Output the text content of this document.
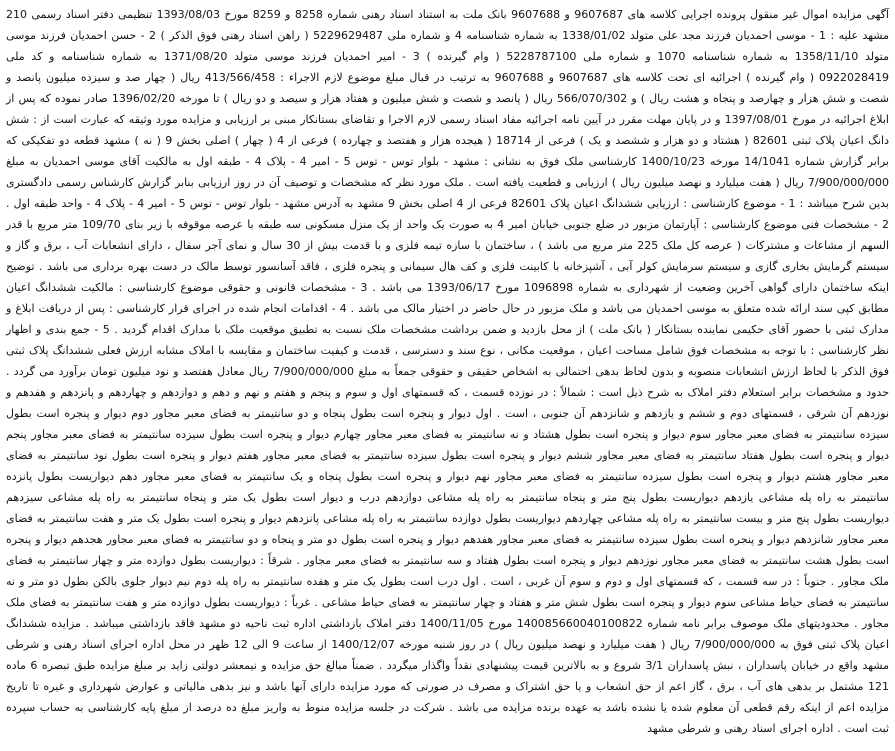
آگهی مزایده اموال غیر منقول پرونده اجرایی کلاسه های 9607687 و 9607688 بانک ملت به استناد اسناد رهنی شماره 8258 و 8259 مورخ 1393/08/03 تنظیمی دفتر اسناد رسمی 210 مشهد علیه : 1 - موسی احمدیان فرزند مجد علی متولد 1338/01/02 به شماره شناسنامه 4 و شماره ملی 5229629487 ( راهن اسناد رهنی فوق الذکر ) 2 - حسن احمدیان فرزند موسی متولد 1358/11/10 به شماره شناسنامه 1070 و شماره ملی 5228787100 ( وام گیرنده ) 3 - امیر احمدیان فرزند موسی متولد 1371/08/20 به شماره شناسنامه و کد ملی 0922028419 ( وام گیرنده ) اجرائیه ای تحت کلاسه های 9607687 و 9607688 به ترتیب در قبال مبلغ موضوع لازم الاجراء : 413/566/458 ریال ( چهار صد و سیزده میلیون پانصد و شصت و شش هزار و چهارصد و پنجاه و هشت ریال ) و 566/070/302 ریال ( پانصد و شصت و شش میلیون و هفتاد هزار و سیصد و دو ریال ) تا مورخه 1396/02/20 صادر نموده که پس از ابلاغ اجرائیه در مورخ 1397/08/01 و در پایان مهلت مقرر در آیین نامه اجرائیه مفاد اسناد رسمی لازم الاجرا و تقاضای بستانکار مبنی بر ارزیابی و مزایده مورد وثیقه که عبارت است از : شش دانگ اعیان پلاک ثبتی 82601 ( هشتاد و دو هزار و ششصد و یک ) فرعی از 18714 ( هیجده هزار و هفتصد و چهارده ) فرعی از 4 ( چهار ) اصلی بخش 9 ( نه ) مشهد قطعه دو تفکیکی که برابر گزارش شماره 14/1041 مورخه 1400/10/23 کارشناسی ملک فوق به نشانی : مشهد - بلوار توس - توس 5 - امیر 4 - پلاک 4 - طبقه اول به مالکیت آقای موسی احمدیان به مبلغ 7/900/000/000 ریال ( هفت میلیارد و نهصد میلیون ریال ) ارزیابی و قطعیت یافته است . ملک مورد نظر که مشخصات و توصیف آن در روز ارزیابی بنابر گزارش کارشناس رسمی دادگستری بدین شرح میباشد : 1 - موضوع کارشناسی : ارزیابی ششدانگ اعیان پلاک 82601 فرعی از 4 اصلی بخش 9 مشهد به آدرس مشهد - بلوار توس - توس 5 - امیر 4 - پلاک 4 - واحد طبقه اول . 2 - مشخصات فنی موضوع کارشناسی : آپارتمان مزبور در ضلع جنوبی خیابان امیر 4 به صورت یک واحد از یک منزل مسکونی سه طبقه با عرصه موقوفه با زیر بنای 109/70 متر مربع با قدر السهم از مشاعات و مشترکات ( عرصه کل ملک 225 متر مربع می باشد ) ، ساختمان با سازه تیمه فلزی و با قدمت بیش از 30 سال و نمای آجر سفال ، دارای انشعابات آب ، برق و گاز و سیستم گرمایش بخاری گازی و سیستم سرمایش کولر آبی ، آشپزخانه با کابینت فلزی و کف هال سیمانی و پنجره فلزی ، فاقد آسانسور توسط مالک در دست بهره برداری می باشد . توضیح اینکه ساختمان دارای گواهی آخرین وضعیت از شهرداری به شماره 1096898 مورخ 1393/06/17 می باشد . 3 - مشخصات قانونی و حقوقی موضوع کارشناسی : مالکیت ششدانگ اعیان مطابق کپی سند ارائه شده متعلق به موسی احمدیان می باشد و ملک مزبور در حال حاضر در اختیار مالک می باشد . 4 - اقدامات انجام شده در اجرای قرار کارشناسی : پس از دریافت ابلاغ و مدارک ثبتی با حضور آقای حکیمی نماینده بستانکار ( بانک ملت ) از محل بازدید و ضمن برداشت مشخصات ملک نسبت به تطبیق موقعیت ملک با مدارک اقدام گردید . 5 - جمع بندی و اظهار نظر کارشناسی : با توجه به مشخصات فوق شامل مساحت اعیان ، موقعیت مکانی ، نوع سند و دسترسی ، قدمت و کیفیت ساختمان و مقایسه با املاک مشابه ارزش فعلی ششدانگ پلاک ثبتی فوق الذکر با لحاظ ارزش انشعابات منصوبه و بدون لحاظ بدهی احتمالی به اشخاص حقیقی و حقوقی جمعاً به مبلغ 7/900/000/000 ریال معادل هفتصد و نود میلیون تومان برآورد می گردد . حدود و مشخصات برابر استعلام دفتر املاک به شرح ذیل است : شمالاً : در نوزده قسمت ، که قسمتهای اول و سوم و پنجم و هفتم و نهم و دهم و دوازدهم و چهاردهم و پانزدهم و هفدهم و نوزدهم آن شرقی ، قسمتهای دوم و ششم و یازدهم و شانزدهم آن جنوبی ، است . اول دیوار و پنجره است بطول پنجاه و دو سانتیمتر به فضای معبر مجاور دوم دیوار و پنجره است بطول سیزده سانتیمتر به فضای معبر مجاور سوم دیوار و پنجره است بطول هشتاد و نه سانتیمتر به فضای معبر مجاور چهارم دیوار و پنجره است بطول سیزده سانتیمتر به فضای معبر مجاور پنجم دیوار و پنجره است بطول هفتاد سانتیمتر به فضای معبر مجاور ششم دیوار و پنجره است بطول سیزده سانتیمتر به فضای معبر مجاور هفتم دیوار و پنجره است بطول نود سانتیمتر به فضای معبر مجاور هشتم دیوار و پنجره است بطول سیزده سانتیمتر به فضای معبر مجاور نهم دیوار و پنجره است بطول پنجاه و یک سانتیمتر به فضای معبر مجاور دهم دیواریست بطول پانزده سانتیمتر به راه پله مشاعی یازدهم دیواریست بطول پنج متر و پنجاه سانتیمتر به راه پله مشاعی دوازدهم درب و دیوار است بطول یک متر و پنجاه سانتیمتر به راه پله مشاعی سیزدهم دیواریست بطول پنج متر و بیست سانتیمتر به راه پله مشاعی چهاردهم دیواریست بطول دوازده سانتیمتر به راه پله مشاعی پانزدهم دیوار و پنجره است بطول یک متر و هفت سانتیمتر به فضای معبر مجاور شانزدهم دیوار و پنجره است بطول سیزده سانتیمتر به فضای معبر مجاور هفدهم دیوار و پنجره است بطول دو متر و پنجاه و دو سانتیمتر به فضای معبر مجاور هجدهم دیوار و پنجره است بطول هشت سانتیمتر به فضای معبر مجاور نوزدهم دیوار و پنجره است بطول هفتاد و سه سانتیمتر به فضای معبر مجاور . شرقاً : دیواریست بطول دوازده متر و چهار سانتیمتر به فضای ملک مجاور . جنوباً : در سه قسمت ، که قسمتهای اول و دوم و سوم آن غربی ، است . اول درب است بطول یک متر و هفده سانتیمتر به راه پله دوم نیم دیوار جلوی بالکن بطول دو متر و نه سانتیمتر به فضای حیاط مشاعی سوم دیوار و پنجره است بطول شش متر و هفتاد و چهار سانتیمتر به فضای حیاط مشاعی . غرباً : دیواریست بطول دوازده متر و هفت سانتیمتر به فضای ملک مجاور . محدودیتهای ملک موصوف برابر نامه شماره 140085660040100822 مورخ 1400/11/05 دفتر املاک بازداشتی اداره ثبت ناحیه دو مشهد فاقد بازداشتی میباشد . مزایده ششدانگ اعیان پلاک ثبتی فوق به 7/900/000/000 ریال ( هفت میلیارد و نهصد میلیون ریال ) در روز شنبه مورخه 1400/12/07 از ساعت 9 الی 12 ظهر در محل اداره اجرای اسناد رهنی و شرطی مشهد واقع در خیابان پاسداران ، نبش پاسداران 3/1 شروع و به بالاترین قیمت پیشنهادی نقداً واگذار میگردد . ضمناً مبالغ حق مزایده و نیمعشر دولتی زاید بر مبلغ مزایده طبق تبصره 6 ماده 121 مشتمل بر بدهی های آب ، برق ، گاز اعم از حق انشعاب و یا حق اشتراک و مصرف در صورتی که مورد مزایده دارای آنها باشد و نیز بدهی مالیاتی و عوارض شهرداری و غیره تا تاریخ مزایده اعم از اینکه رقم قطعی آن معلوم شده یا نشده باشد به عهده برنده مزایده می باشد . شرکت در جلسه مزایده منوط به واریز مبلغ ده درصد از مبلغ پایه کارشناسی به حساب سپرده ثبت است . اداره اجرای اسناد رهنی و شرطی مشهد
